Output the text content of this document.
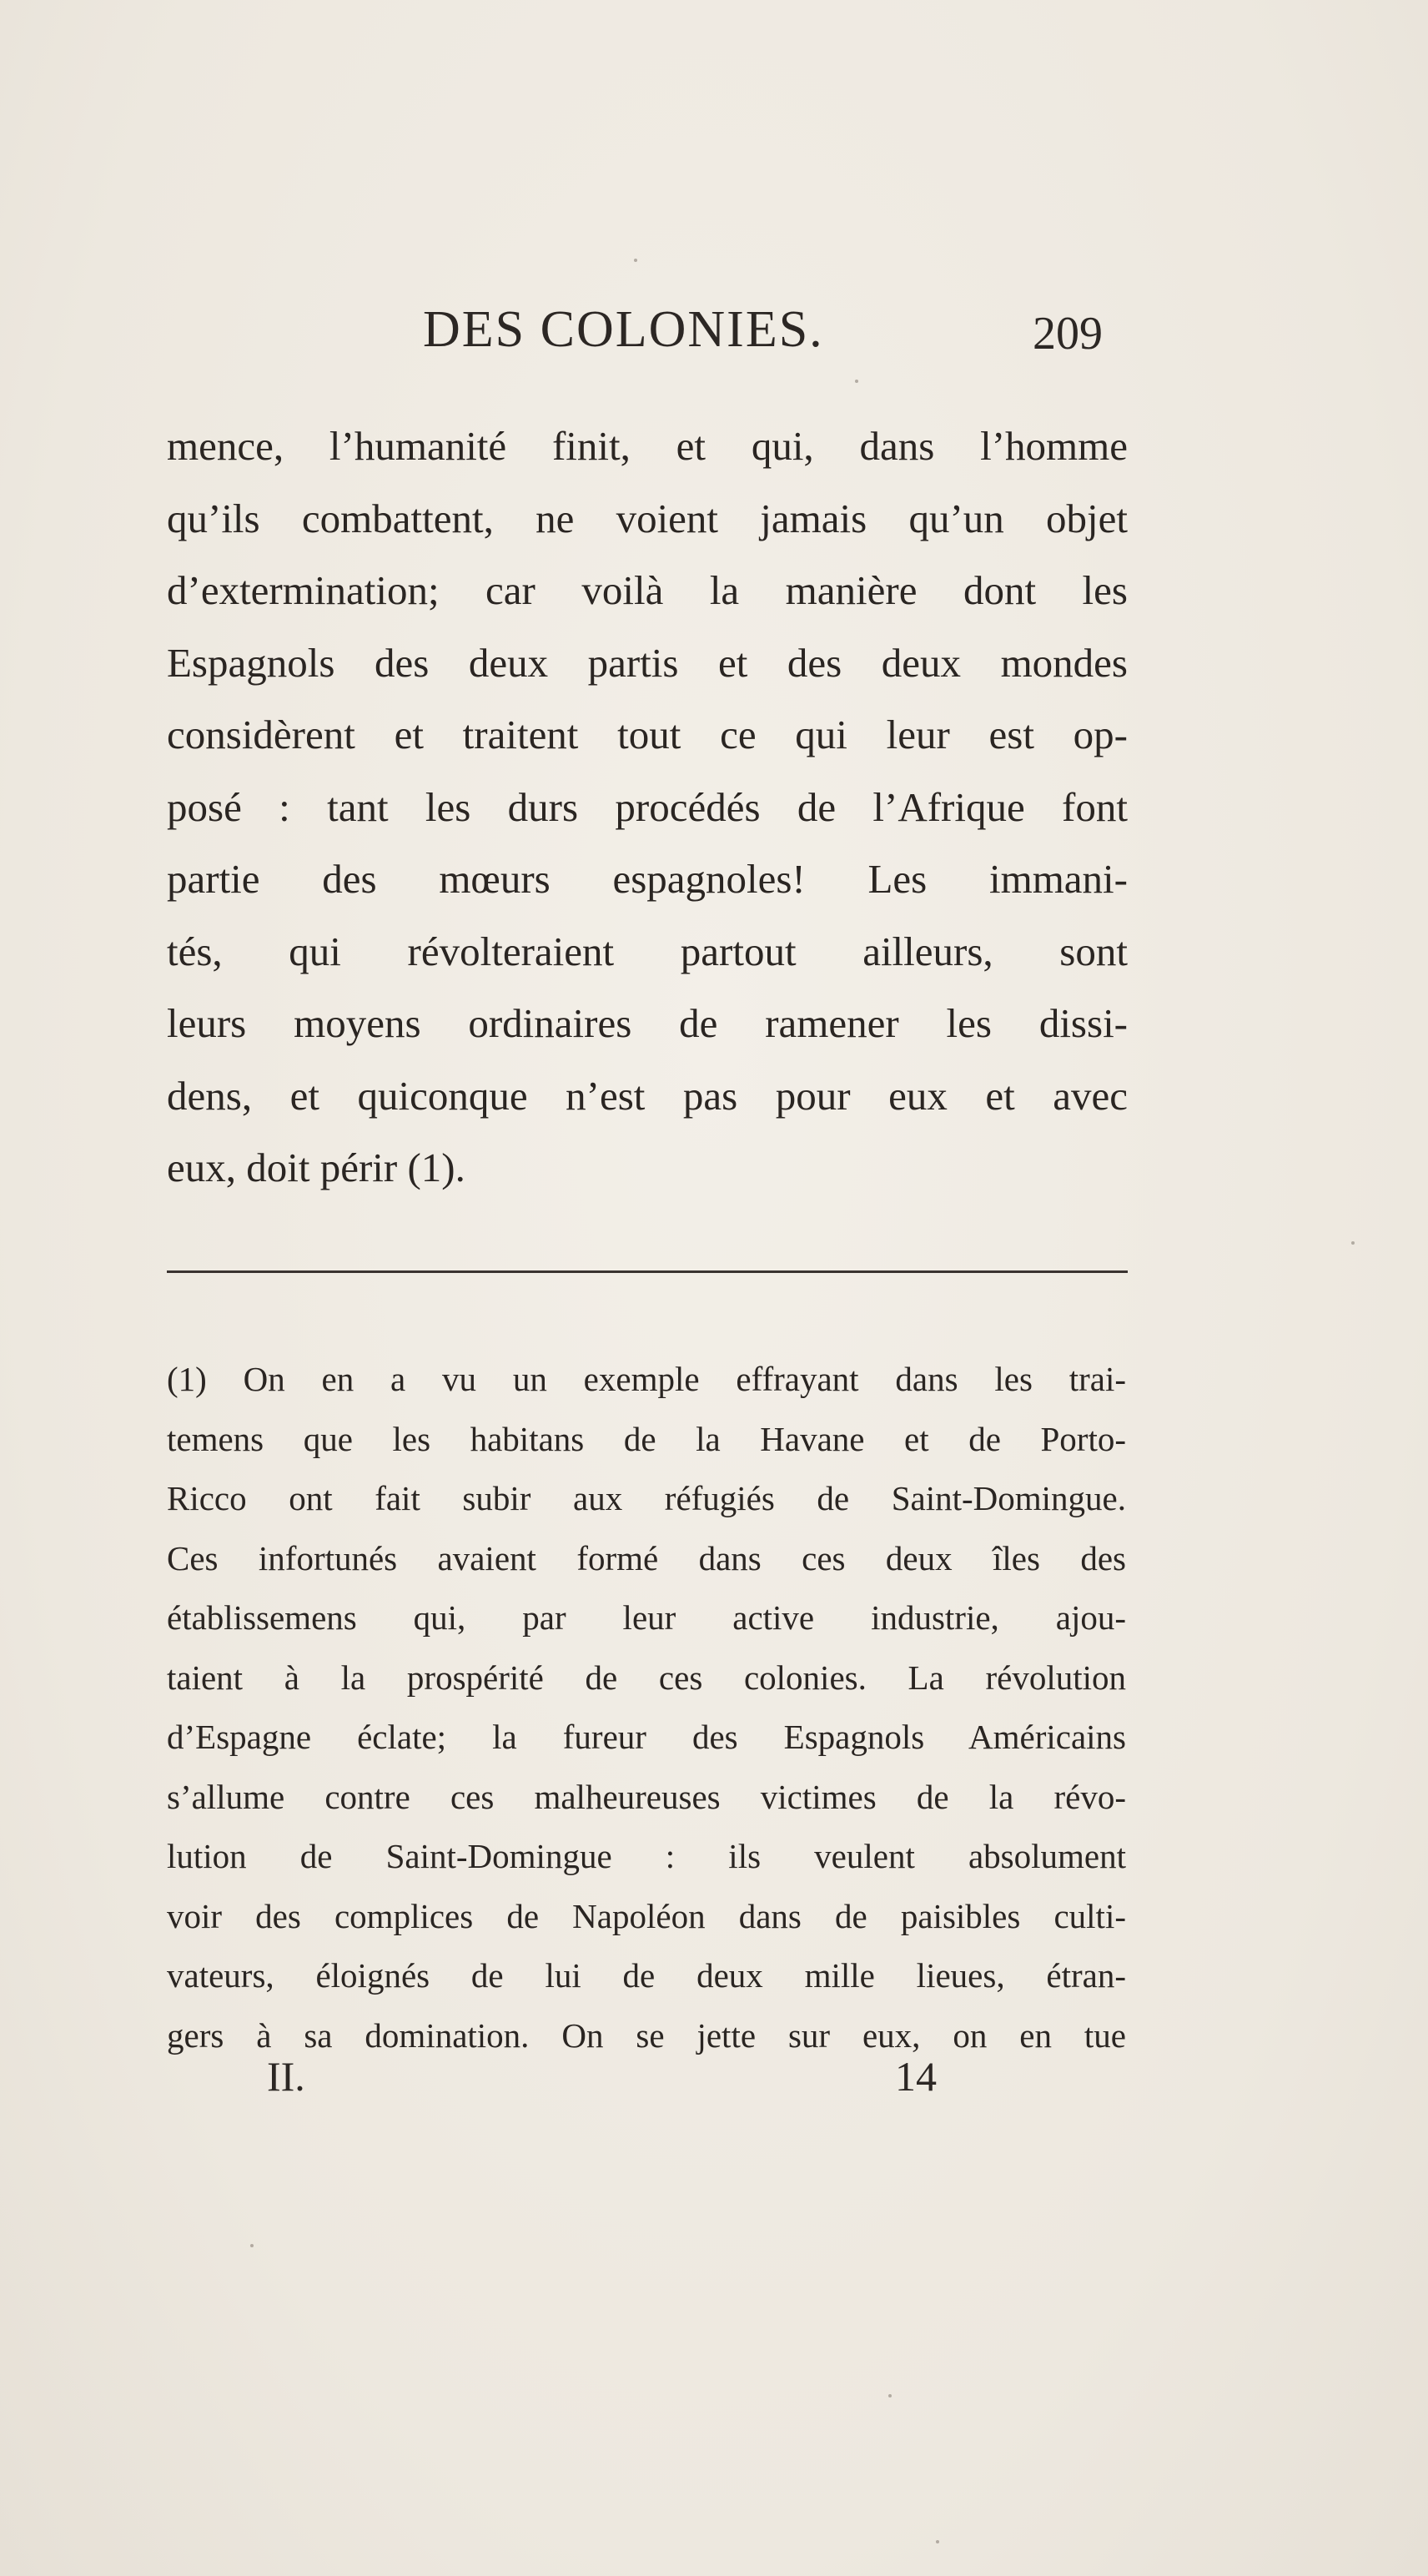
DES COLONIES.	209
mence, l’humanité finit, et qui, dans l’homme
qu’ils combattent, ne voient jamais qu’un objet
d’extermination; car voilà la manière dont les
Espagnols des deux partis et des deux mondes
considèrent et traitent tout ce qui leur est op-
posé : tant les durs procédés de l’Afrique font
partie des mœurs espagnoles! Les immani-
tés, qui révolteraient partout ailleurs, sont
leurs moyens ordinaires de ramener les dissi-
dens, et quiconque n’est pas pour eux et avec
eux, doit périr (1).
(1) On en a vu un exemple effrayant dans les trai-
temens que les habitans de la Havane et de Porto-
Ricco ont fait subir aux réfugiés de Saint-Domingue.
Ces infortunés avaient formé dans ces deux îles des
établissemens qui, par leur active industrie, ajou-
taient à la prospérité de ces colonies. La révolution
d’Espagne éclate; la fureur des Espagnols Américains
s’allume contre ces malheureuses victimes de la révo-
lution de Saint-Domingue : ils veulent absolument
voir des complices de Napoléon dans de paisibles culti-
vateurs, éloignés de lui de deux mille lieues, étran-
gers à sa domination. On se jette sur eux, on en tue
II.	14
